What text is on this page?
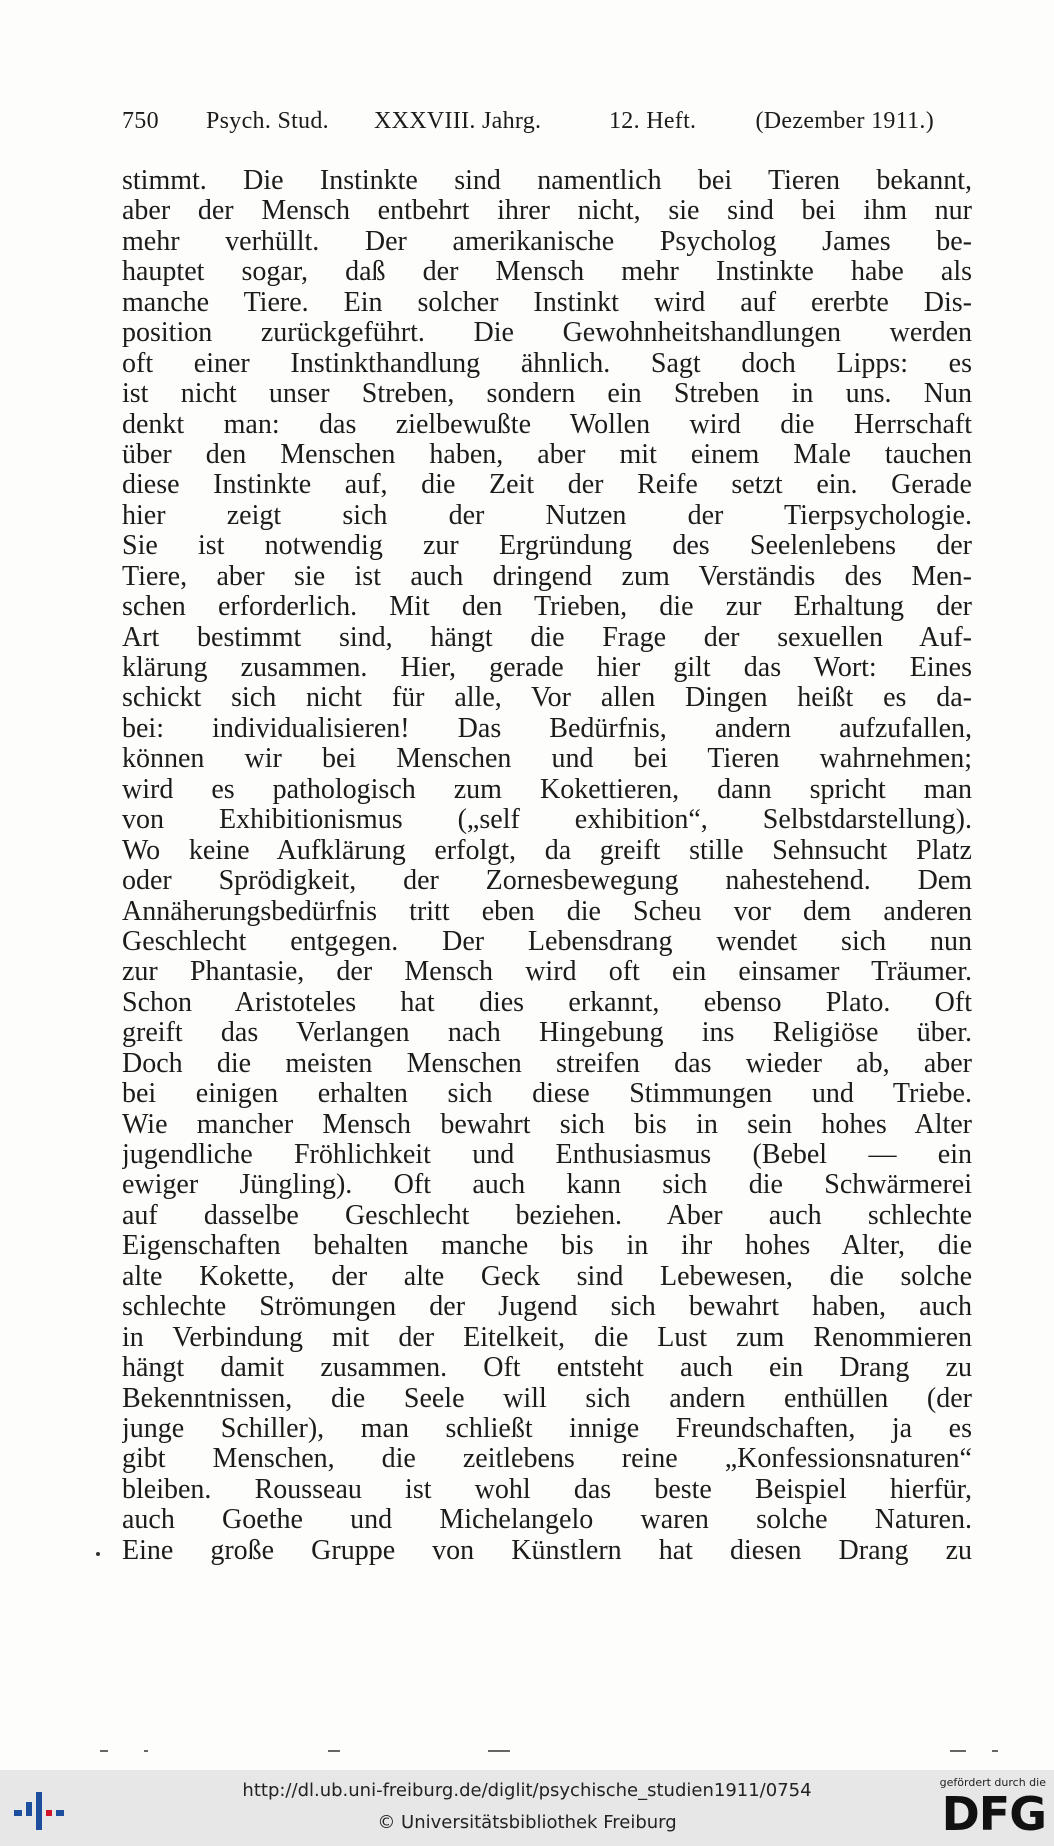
750 Psych. Stud. XXXVIII. Jahrg.	12. Heft. (Dezember 1911.)
stimmt. Die Instinkte sind namentlich bei Tieren bekannt,
aber der Mensch entbehrt ihrer nicht, sie sind bei ihm nur
mehr verhüllt. Der amerikanische Psycholog James be-
hauptet sogar, daß der Mensch mehr Instinkte habe als
manche Tiere. Ein solcher Instinkt wird auf ererbte Dis-
position zurückgeführt. Die Gewohnheitshandlungen werden
oft einer Instinkthandlung ähnlich. Sagt doch Lipps: es
ist nicht unser Streben, sondern ein Streben in uns. Nun
denkt man: das zielbewußte Wollen wird die Herrschaft
über den Menschen haben, aber mit einem Male tauchen
diese Instinkte auf, die Zeit der Reife setzt ein. Gerade
hier zeigt sich der Nutzen der Tierpsychologie.
Sie ist notwendig zur Ergründung des Seelenlebens der
Tiere, aber sie ist auch dringend zum Verständis des Men-
schen erforderlich. Mit den Trieben, die zur Erhaltung der
Art bestimmt sind, hängt die Frage der sexuellen Auf-
klärung zusammen. Hier, gerade hier gilt das Wort: Eines
schickt sich nicht für alle, Vor allen Dingen heißt es da-
bei: individualisieren! Das Bedürfnis, andern aufzufallen,
können wir bei Menschen und bei Tieren wahrnehmen;
wird es pathologisch zum Kokettieren, dann spricht man
von Exhibitionismus („self exhibition“, Selbstdarstellung).
Wo keine Aufklärung erfolgt, da greift stille Sehnsucht Platz
oder Sprödigkeit, der Zornesbewegung nahestehend. Dem
Annäherungsbedürfnis tritt eben die Scheu vor dem anderen
Geschlecht entgegen. Der Lebensdrang wendet sich nun
zur Phantasie, der Mensch wird oft ein einsamer Träumer.
Schon Aristoteles hat dies erkannt, ebenso Plato. Oft
greift das Verlangen nach Hingebung ins Religiöse über.
Doch die meisten Menschen streifen das wieder ab, aber
bei einigen erhalten sich diese Stimmungen und Triebe.
Wie mancher Mensch bewahrt sich bis in sein hohes Alter
jugendliche Fröhlichkeit und Enthusiasmus (Bebel — ein
ewiger Jüngling). Oft auch kann sich die Schwärmerei
auf dasselbe Geschlecht beziehen. Aber auch schlechte
Eigenschaften behalten manche bis in ihr hohes Alter, die
alte Kokette, der alte Geck sind Lebewesen, die solche
schlechte Strömungen der Jugend sich bewahrt haben, auch
in Verbindung mit der Eitelkeit, die Lust zum Renommieren
hängt damit zusammen. Oft entsteht auch ein Drang zu
Bekenntnissen, die Seele will sich andern enthüllen (der
junge Schiller), man schließt innige Freundschaften, ja es
gibt Menschen, die zeitlebens reine „Konfessionsnaturen“
bleiben. Rousseau ist wohl das beste Beispiel hierfür,
auch Goethe und Michelangelo waren solche Naturen.
Eine große Gruppe von Künstlern hat diesen Drang zu
http://dl.ub.uni-freiburg.de/diglit/psychische_studien1911/0754
© Universitätsbibliothek Freiburg
gefördert durch die
DFG
